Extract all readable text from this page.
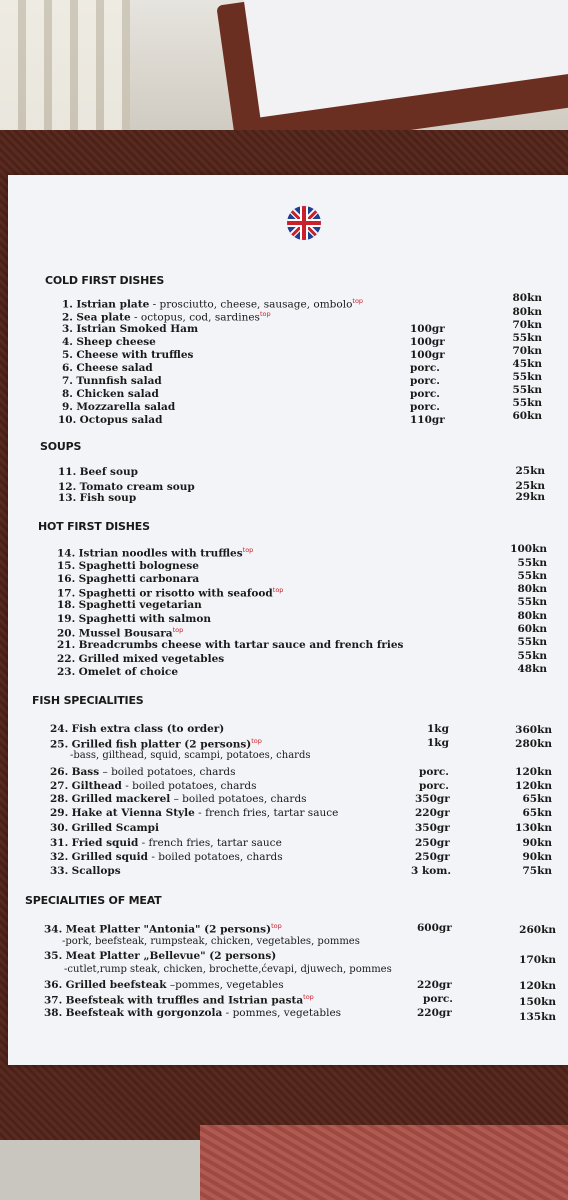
COLD FIRST DISHES
SOUPS
HOT FIRST DISHES
FISH SPECIALITIES
SPECIALITIES OF MEAT
1. Istrian plate - prosciutto, cheese, sausage, ombolo$^{top}$	80kn
2. Sea plate - octopus, cod, sardines$^{top}$	80kn
3. Istrian Smoked Ham	100gr	70kn
4. Sheep cheese	100gr	55kn
5. Cheese with truffles	100gr	70kn
6. Cheese salad	porc.	45kn
7. Tunnfish salad	porc.	55kn
8. Chicken salad	porc.	55kn
9. Mozzarella salad	porc.	55kn
10. Octopus salad	110gr	60kn
11. Beef soup	25kn
12. Tomato cream soup	25kn
13. Fish soup	29kn
14. Istrian noodles with truffles$^{top}$	100kn
15. Spaghetti bolognese	55kn
16. Spaghetti carbonara	55kn
17. Spaghetti or risotto with seafood$^{top}$	80kn
18. Spaghetti vegetarian	55kn
19. Spaghetti with salmon	80kn
20. Mussel Bousara$^{top}$	60kn
21. Breadcrumbs cheese with tartar sauce and french fries	55kn
22. Grilled mixed vegetables	55kn
23. Omelet of choice	48kn
24. Fish extra class (to order)	1kg	360kn
25. Grilled fish platter (2 persons)$^{top}$	1kg	280kn
26. Bass – boiled potatoes, chards	porc.	120kn
27. Gilthead - boiled potatoes, chards	porc.	120kn
28. Grilled mackerel – boiled potatoes, chards	350gr	65kn
29. Hake at Vienna Style - french fries, tartar sauce	220gr	65kn
30. Grilled Scampi	350gr	130kn
31. Fried squid - french fries, tartar sauce	250gr	90kn
32. Grilled squid - boiled potatoes, chards	250gr	90kn
33. Scallops	3 kom.	75kn
-bass, gilthead, squid, scampi, potatoes, chards
34. Meat Platter "Antonia" (2 persons)$^{top}$	600gr	260kn
35. Meat Platter „Bellevue" (2 persons)	170kn
36. Grilled beefsteak –pommes, vegetables	220gr	120kn
37. Beefsteak with truffles and Istrian pasta$^{top}$	porc.	150kn
38. Beefsteak with gorgonzola - pommes, vegetables	220gr	135kn
-pork, beefsteak, rumpsteak, chicken, vegetables, pommes
-cutlet,rump steak, chicken, brochette,ćevapi, djuwech, pommes
